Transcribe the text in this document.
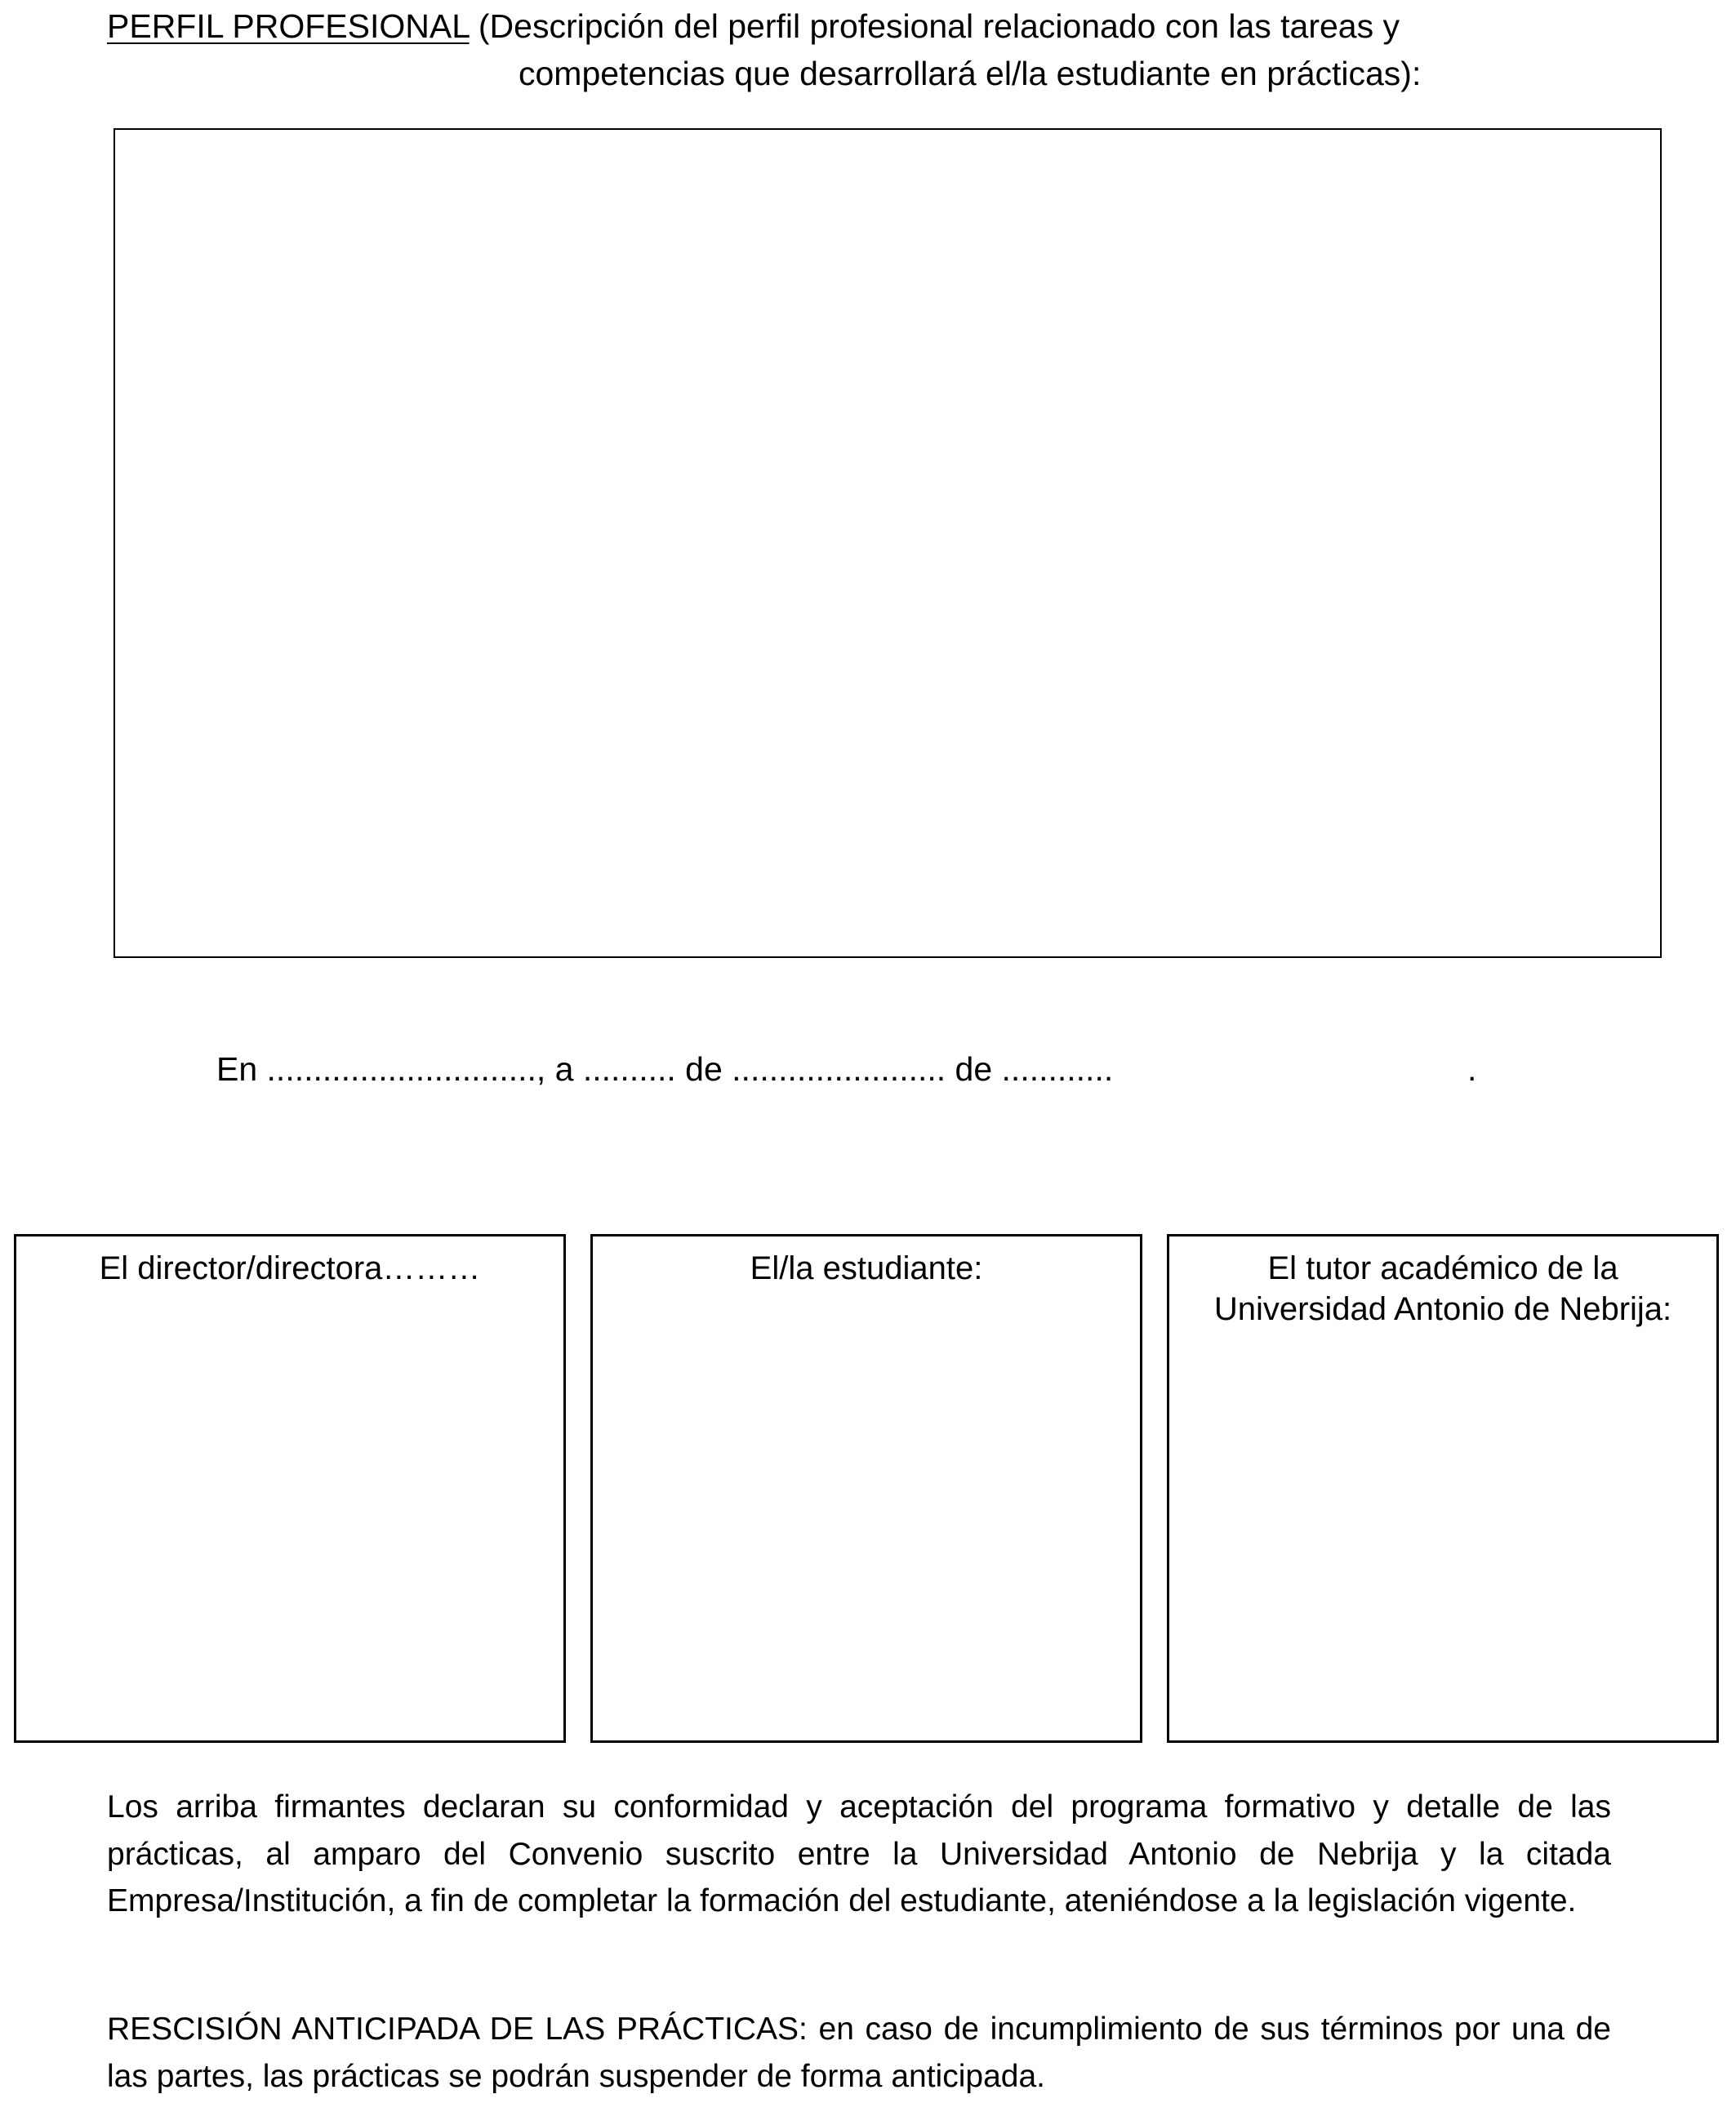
PERFIL PROFESIONAL (Descripción del perfil profesional relacionado con las tareas y
competencias que desarrollará el/la estudiante en prácticas):
En ............................., a .......... de ....................... de ............	.
El director/directora………	El/la estudiante:	El tutor académico de la
Universidad Antonio de Nebrija:
Los arriba firmantes declaran su conformidad y aceptación del programa formativo y detalle de las prácticas, al amparo del Convenio suscrito entre la Universidad Antonio de Nebrija y la citada Empresa/Institución, a fin de completar la formación del estudiante, ateniéndose a la legislación vigente.
RESCISIÓN ANTICIPADA DE LAS PRÁCTICAS: en caso de incumplimiento de sus términos por una de las partes, las prácticas se podrán suspender de forma anticipada.
